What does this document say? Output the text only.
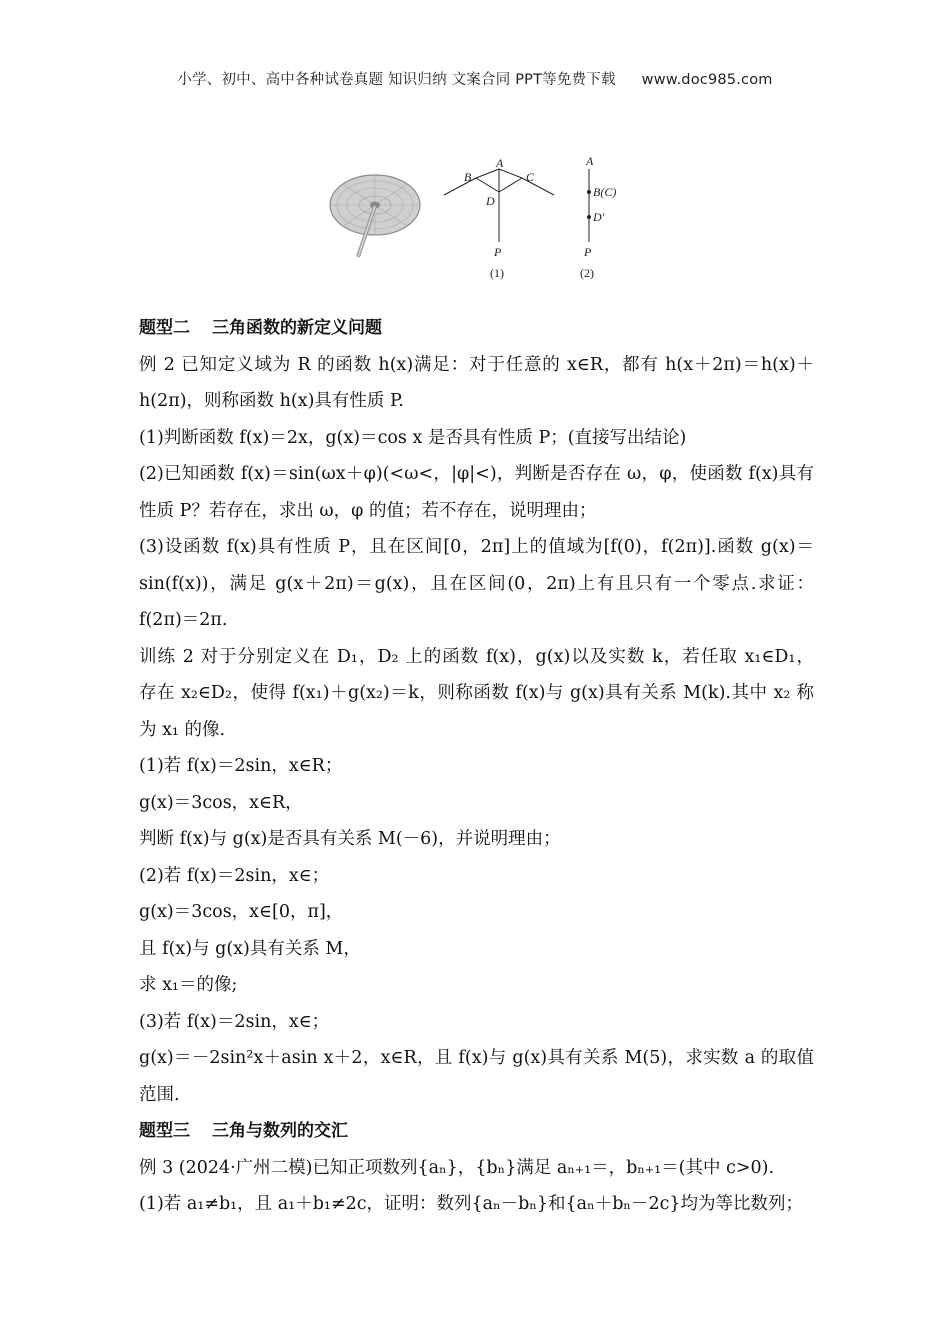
小学、初中、高中各种试卷真题 知识归纳 文案合同 PPT等免费下载 www.doc985.com
A
B	C
D
P
(1)
A
B(C)
D′
P
(2)
题型二 三角函数的新定义问题
例 2 已知定义域为 R 的函数 h(x)满足：对于任意的 x∈R，都有 h(x＋2π)＝h(x)＋
h(2π)，则称函数 h(x)具有性质 P.
(1)判断函数 f(x)＝2x，g(x)＝cos x 是否具有性质 P；(直接写出结论)
(2)已知函数 f(x)＝sin(ωx＋φ)(<ω<，|φ|<)，判断是否存在 ω，φ，使函数 f(x)具有
性质 P？若存在，求出 ω，φ 的值；若不存在，说明理由；
(3)设函数 f(x)具有性质 P，且在区间[0，2π]上的值域为[f(0)，f(2π)].函数 g(x)＝
sin(f(x))，满足 g(x＋2π)＝g(x)，且在区间(0，2π)上有且只有一个零点.求证：
f(2π)＝2π.
训练 2 对于分别定义在 D₁，D₂ 上的函数 f(x)，g(x)以及实数 k，若任取 x₁∈D₁，
存在 x₂∈D₂，使得 f(x₁)＋g(x₂)＝k，则称函数 f(x)与 g(x)具有关系 M(k).其中 x₂ 称
为 x₁ 的像.
(1)若 f(x)＝2sin，x∈R；
g(x)＝3cos，x∈R，
判断 f(x)与 g(x)是否具有关系 M(－6)，并说明理由；
(2)若 f(x)＝2sin，x∈；
g(x)＝3cos，x∈[0，π]，
且 f(x)与 g(x)具有关系 M，
求 x₁＝的像;
(3)若 f(x)＝2sin，x∈；
g(x)＝－2sin²x＋asin x＋2，x∈R，且 f(x)与 g(x)具有关系 M(5)，求实数 a 的取值
范围.
题型三 三角与数列的交汇
例 3 (2024·广州二模)已知正项数列{aₙ}，{bₙ}满足 aₙ₊₁＝，bₙ₊₁＝(其中 c>0).
(1)若 a₁≠b₁，且 a₁＋b₁≠2c，证明：数列{aₙ－bₙ}和{aₙ＋bₙ－2c}均为等比数列；
